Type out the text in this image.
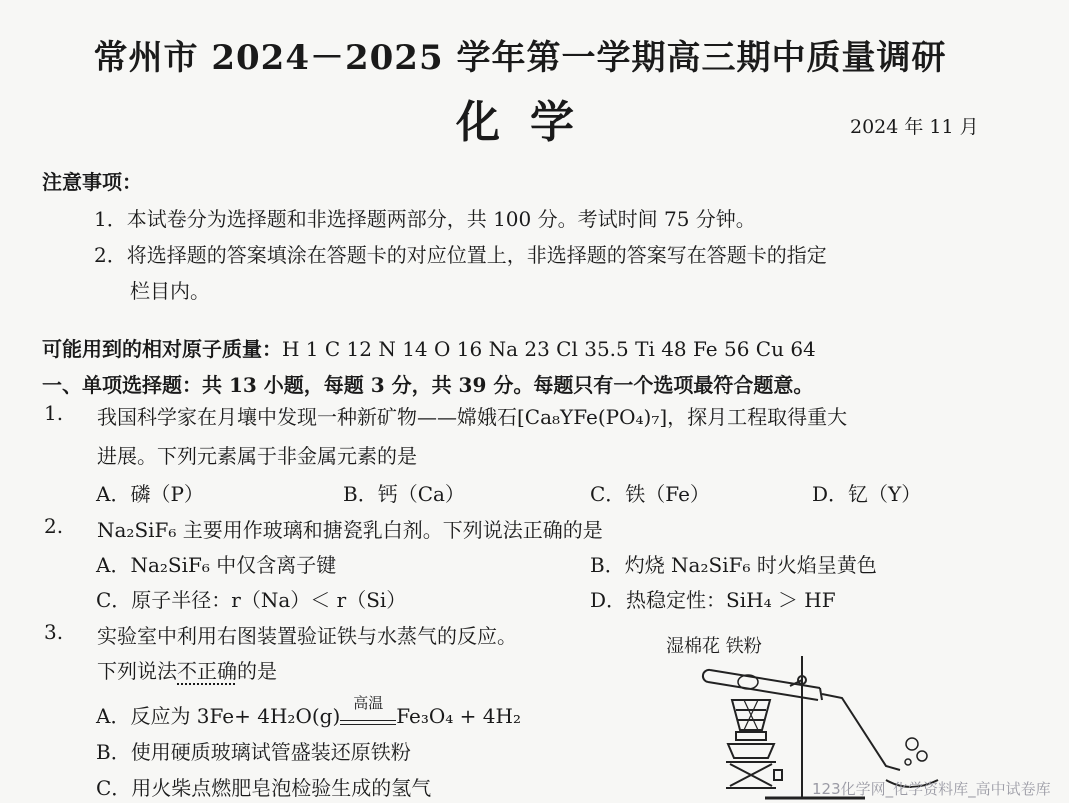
常州市 2024－2025 学年第一学期高三期中质量调研
化学	2024 年 11 月
注意事项：
1．本试卷分为选择题和非选择题两部分，共 100 分。考试时间 75 分钟。
2．将选择题的答案填涂在答题卡的对应位置上，非选择题的答案写在答题卡的指定
栏目内。
可能用到的相对原子质量：H 1 C 12 N 14 O 16 Na 23 Cl 35.5 Ti 48 Fe 56 Cu 64
一、单项选择题：共 13 小题，每题 3 分，共 39 分。每题只有一个选项最符合题意。
1. 我国科学家在月壤中发现一种新矿物——嫦娥石[Ca₈YFe(PO₄)₇]，探月工程取得重大
进展。下列元素属于非金属元素的是
A．磷（P）	B．钙（Ca）	C．铁（Fe）	D．钇（Y）
2. Na₂SiF₆ 主要用作玻璃和搪瓷乳白剂。下列说法正确的是
A．Na₂SiF₆ 中仅含离子键	B．灼烧 Na₂SiF₆ 时火焰呈黄色
C．原子半径：r（Na）＜ r（Si）	D．热稳定性：SiH₄ ＞ HF
3. 实验室中利用右图装置验证铁与水蒸气的反应。
下列说法不正确的是
A．反应为 3Fe+ 4H₂O(g)
高温
Fe₃O₄ + 4H₂
B．使用硬质玻璃试管盛装还原铁粉
C．用火柴点燃肥皂泡检验生成的氢气
湿棉花 铁粉
123化学网_化学资料库_高中试卷库
